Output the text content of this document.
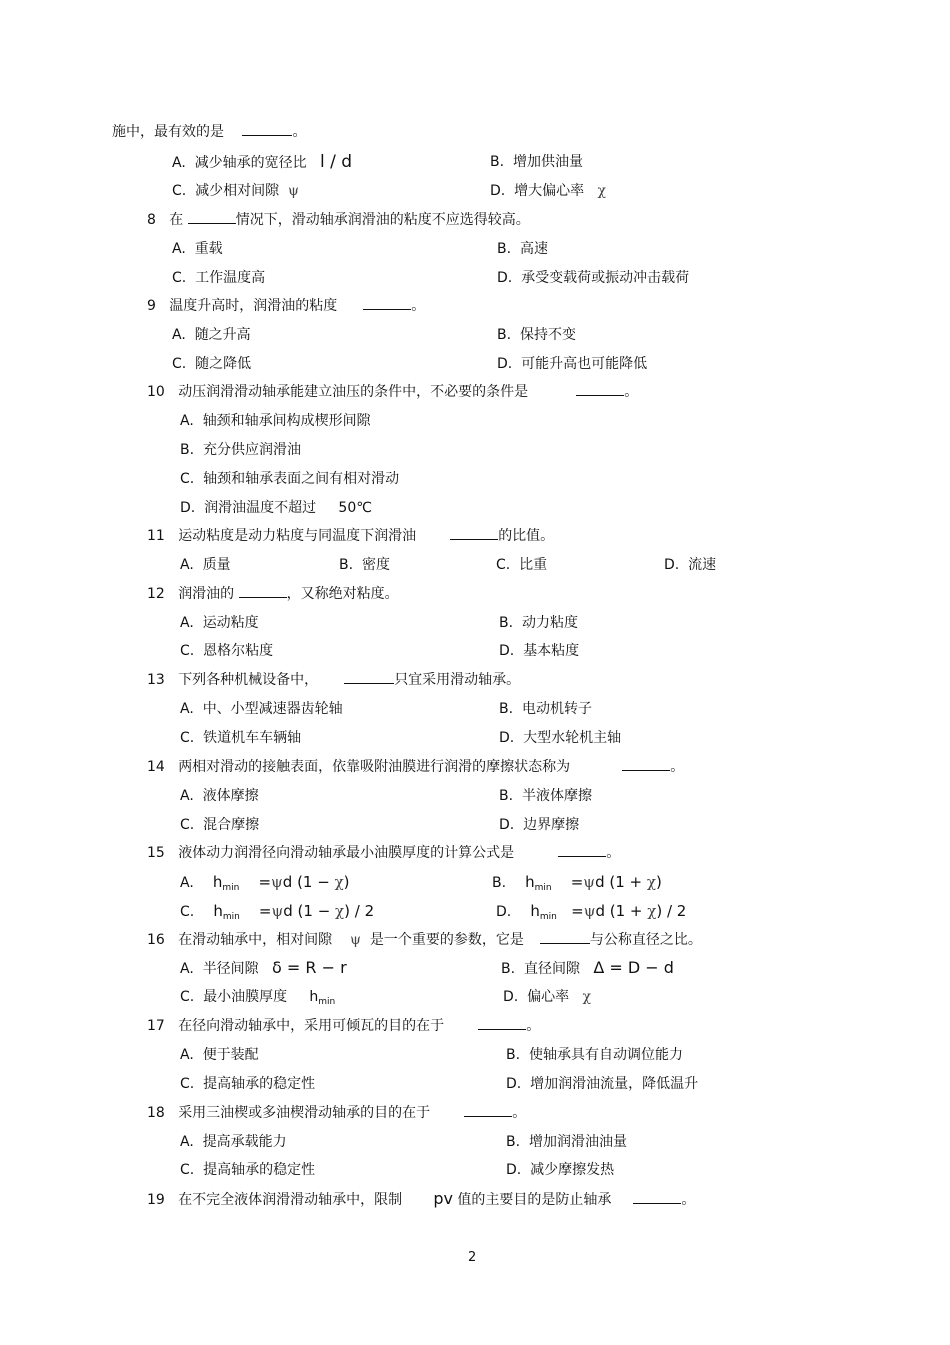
施中，最有效的是	。
A. 减少轴承的宽径比 l / d	B. 增加供油量
C. 减少相对间隙 ψ	D. 增大偏心率 χ
8 在	情况下，滑动轴承润滑油的粘度不应选得较高。
A. 重载	B. 高速
C. 工作温度高	D. 承受变载荷或振动冲击载荷
9 温度升高时，润滑油的粘度	。
A. 随之升高	B. 保持不变
C. 随之降低	D. 可能升高也可能降低
10 动压润滑滑动轴承能建立油压的条件中，不必要的条件是	。
A. 轴颈和轴承间构成楔形间隙
B. 充分供应润滑油
C. 轴颈和轴承表面之间有相对滑动
D. 润滑油温度不超过 50℃
11 运动粘度是动力粘度与同温度下润滑油	的比值。
A. 质量	B. 密度	C. 比重	D. 流速
12 润滑油的	，又称绝对粘度。
A. 运动粘度	B. 动力粘度
C. 恩格尔粘度	D. 基本粘度
13 下列各种机械设备中，	只宜采用滑动轴承。
A. 中、小型减速器齿轮轴	B. 电动机转子
C. 铁道机车车辆轴	D. 大型水轮机主轴
14 两相对滑动的接触表面，依靠吸附油膜进行润滑的摩擦状态称为	。
A. 液体摩擦	B. 半液体摩擦
C. 混合摩擦	D. 边界摩擦
15 液体动力润滑径向滑动轴承最小油膜厚度的计算公式是	。
A. $h_{min} =\psi d$ (1 − χ)	B. $h_{min} =\psi d$ (1 + χ)
C. $h_{min} =\psi d$ (1 − χ) / 2	D. $h_{min} =\psi d$ (1 + χ) / 2
16 在滑动轴承中，相对间隙 ψ 是一个重要的参数，它是	与公称直径之比。
A. 半径间隙 δ = R − r	B. 直径间隙 Δ = D − d
C. 最小油膜厚度 $h_{min}$	D. 偏心率 χ
17 在径向滑动轴承中，采用可倾瓦的目的在于	。
A. 便于装配	B. 使轴承具有自动调位能力
C. 提高轴承的稳定性	D. 增加润滑油流量，降低温升
18 采用三油楔或多油楔滑动轴承的目的在于	。
A. 提高承载能力	B. 增加润滑油油量
C. 提高轴承的稳定性	D. 减少摩擦发热
19 在不完全液体润滑滑动轴承中，限制 pv 值的主要目的是防止轴承	。
2
